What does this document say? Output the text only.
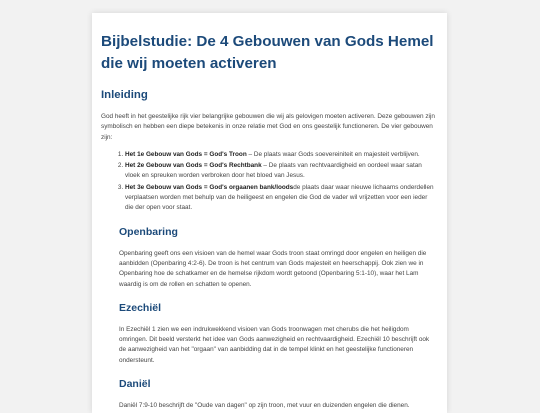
Bijbelstudie: De 4 Gebouwen van Gods Hemel die wij moeten activeren
Inleiding

God heeft in het geestelijke rijk vier belangrijke gebouwen die wij als gelovigen moeten activeren. Deze gebouwen zijn symbolisch en hebben een diepe betekenis in onze relatie met God en ons geestelijk functioneren. De vier gebouwen zijn:

1. Het 1e Gebouw van Gods = God's Troon – De plaats waar Gods soevereiniteit en majesteit verblijven.
2. Het 2e Gebouw van Gods = God's Rechtbank – De plaats van rechtvaardigheid en oordeel waar satan vloek en spreuken worden verbroken door het bloed van Jesus.
3. Het 3e Gebouw van Gods = God's orgaanen bank/loodsde plaats daar waar nieuwe lichaams onderdellen verplaatsen worden met behulp van de heiligeest en engelen die God de vader wil vrijzetten voor een ieder die der open voor staat.
Openbaring

Openbaring geeft ons een visioen van de hemel waar Gods troon staat omringd door engelen en heiligen die aanbidden (Openbaring 4:2-6). De troon is het centrum van Gods majesteit en heerschappij. Ook zien we in Openbaring hoe de schatkamer en de hemelse rijkdom wordt getoond (Openbaring 5:1-10), waar het Lam waardig is om de rollen en schatten te openen.

Ezechiël

In Ezechiël 1 zien we een indrukwekkend visioen van Gods troonwagen met cherubs die het heiligdom omringen. Dit beeld versterkt het idee van Gods aanwezigheid en rechtvaardigheid. Ezechiël 10 beschrijft ook de aanwezigheid van het "orgaan" van aanbidding dat in de tempel klinkt en het geestelijke functioneren ondersteunt.

Daniël

Daniël 7:9-10 beschrijft de "Oude van dagen" op zijn troon, met vuur en duizenden engelen die dienen.
